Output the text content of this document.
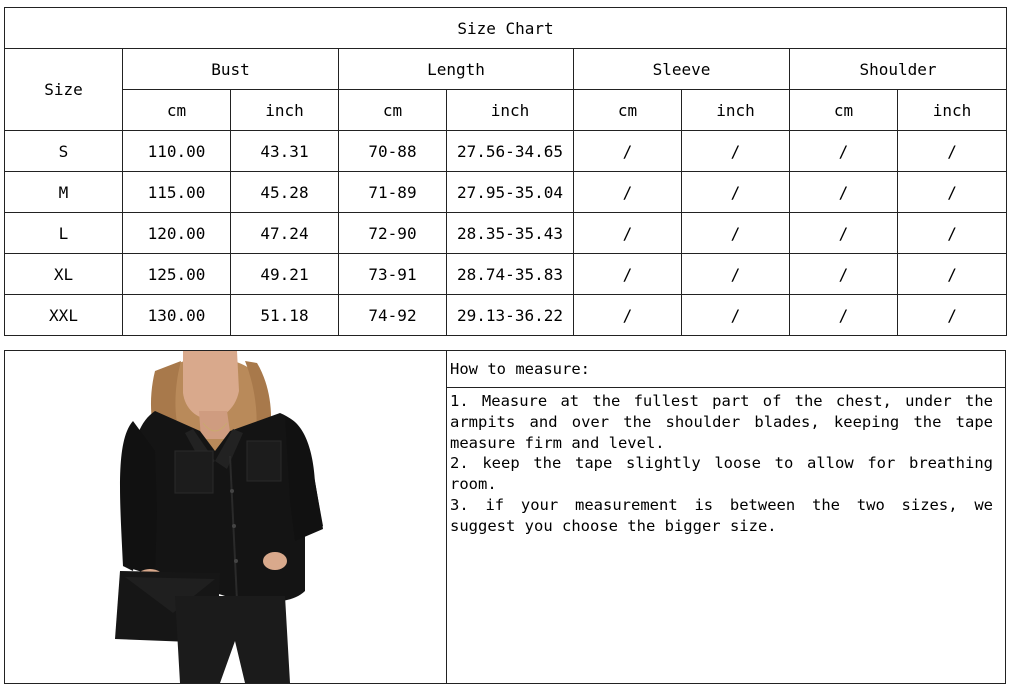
Size Chart								
Size	Bust		Length		Sleeve		Shoulder	
	cm	inch	cm	inch	cm	inch	cm	inch
S	110.00	43.31	70-88	27.56-34.65	/	/	/	/
M	115.00	45.28	71-89	27.95-35.04	/	/	/	/
L	120.00	47.24	72-90	28.35-35.43	/	/	/	/
XL	125.00	49.21	73-91	28.74-35.83	/	/	/	/
XXL	130.00	51.18	74-92	29.13-36.22	/	/	/	/
How to measure:

1. Measure at the fullest part of the chest, under the armpits and over the shoulder blades, keeping the tape measure firm and level.

2. keep the tape slightly loose to allow for breathing room.

3. if your measurement is between the two sizes, we suggest you choose the bigger size.
